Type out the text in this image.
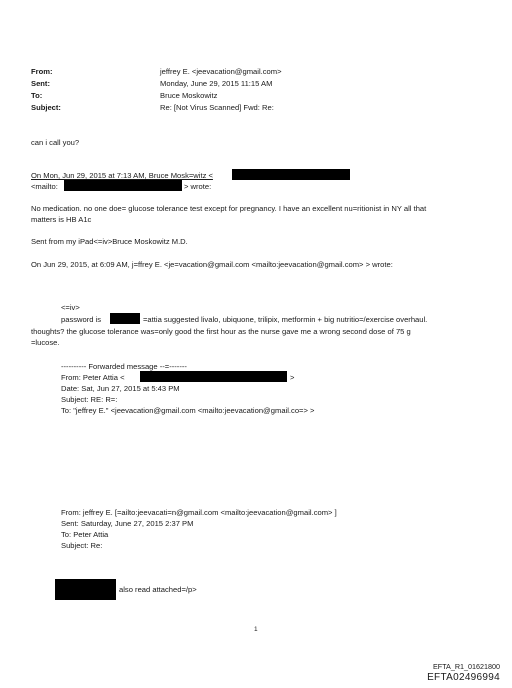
From:	jeffrey E. <jeevacation@gmail.com>
Sent:	Monday, June 29, 2015 11:15 AM
To:	Bruce Moskowitz
Subject:	Re: [Not Virus Scanned] Fwd: Re:
can i call you?
On Mon, Jun 29, 2015 at 7:13 AM, Bruce Mosk=witz <
<mailto:	> wrote:
No medication. no one doe= glucose tolerance test except for pregnancy. I have an excellent nu=ritionist in NY all that
matters is HB A1c
Sent from my iPad<=iv>Bruce Moskowitz M.D.
On Jun 29, 2015, at 6:09 AM, j=ffrey E. <je=vacation@gmail.com <mailto:jeevacation@gmail.com> > wrote:
<=iv>
password is	=attia suggested livalo, ubiquone, trilipix, metformin + big nutritio=/exercise overhaul.
thoughts? the glucose tolerance was=only good the first hour as the nurse gave me a wrong second dose of 75 g
=lucose.
---------- Forwarded message --=-------
From: Peter Attia <	>
Date: Sat, Jun 27, 2015 at 5:43 PM
Subject: RE: R=:
To: "jeffrey E." <jeevacation@gmail.com <mailto:jeevacation@gmail.co=> >
From: jeffrey E. [=ailto:jeevacati=n@gmail.com <mailto:jeevacation@gmail.com> ]
Sent: Saturday, June 27, 2015 2:37 PM
To: Peter Attia
Subject: Re:
also read attached=/p>
1
EFTA_R1_01621800
EFTA02496994
